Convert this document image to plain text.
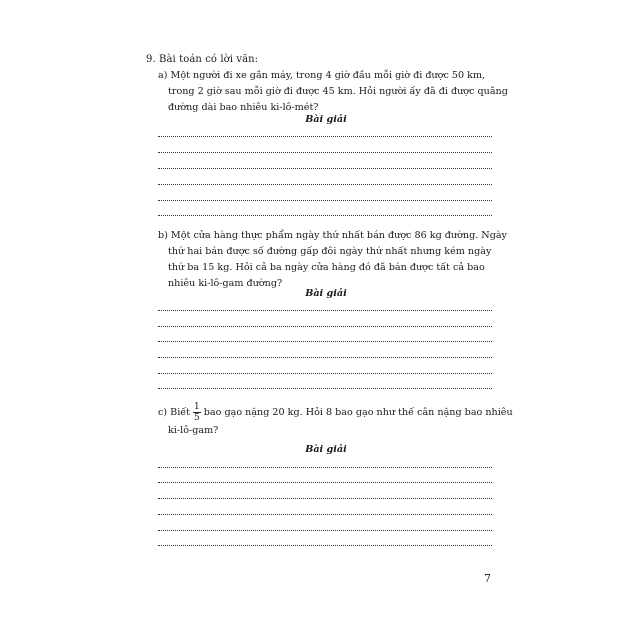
9. Bài toán có lời văn:
a) Một người đi xe gắn máy, trong 4 giờ đầu mỗi giờ đi được 50 km,
trong 2 giờ sau mỗi giờ đi được 45 km. Hỏi người ấy đã đi được quãng
đường dài bao nhiêu ki-lô-mét?
Bài giải
b) Một cửa hàng thực phẩm ngày thứ nhất bán được 86 kg đường. Ngày
thứ hai bán được số đường gấp đôi ngày thứ nhất nhưng kém ngày
thứ ba 15 kg. Hỏi cả ba ngày cửa hàng đó đã bán được tất cả bao
nhiêu ki-lô-gam đường?
Bài giải
c) Biết $\frac{1}{5}$ bao gạo nặng 20 kg. Hỏi 8 bao gạo như thế cân nặng bao nhiêu
ki-lô-gam?
Bài giải
7
